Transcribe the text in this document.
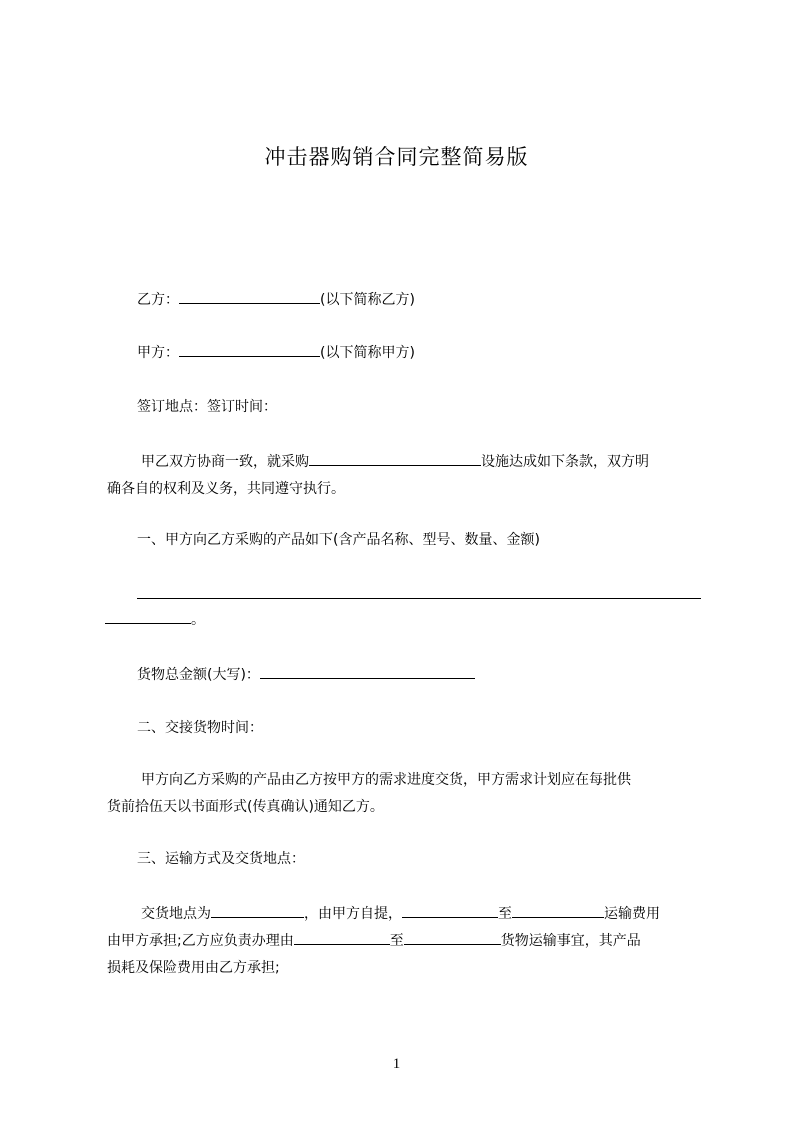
冲击器购销合同完整简易版
乙方：	(以下简称乙方)
甲方：	(以下简称甲方)
签订地点：签订时间：
甲乙双方协商一致，就采购	设施达成如下条款，双方明
确各自的权利及义务，共同遵守执行。
一、甲方向乙方采购的产品如下(含产品名称、型号、数量、金额)
。
货物总金额(大写)：
二、交接货物时间：
甲方向乙方采购的产品由乙方按甲方的需求进度交货，甲方需求计划应在每批供
货前拾伍天以书面形式(传真确认)通知乙方。
三、运输方式及交货地点：
交货地点为	，由甲方自提，	至	运输费用
由甲方承担;乙方应负责办理由	至	货物运输事宜，其产品
损耗及保险费用由乙方承担;
1
